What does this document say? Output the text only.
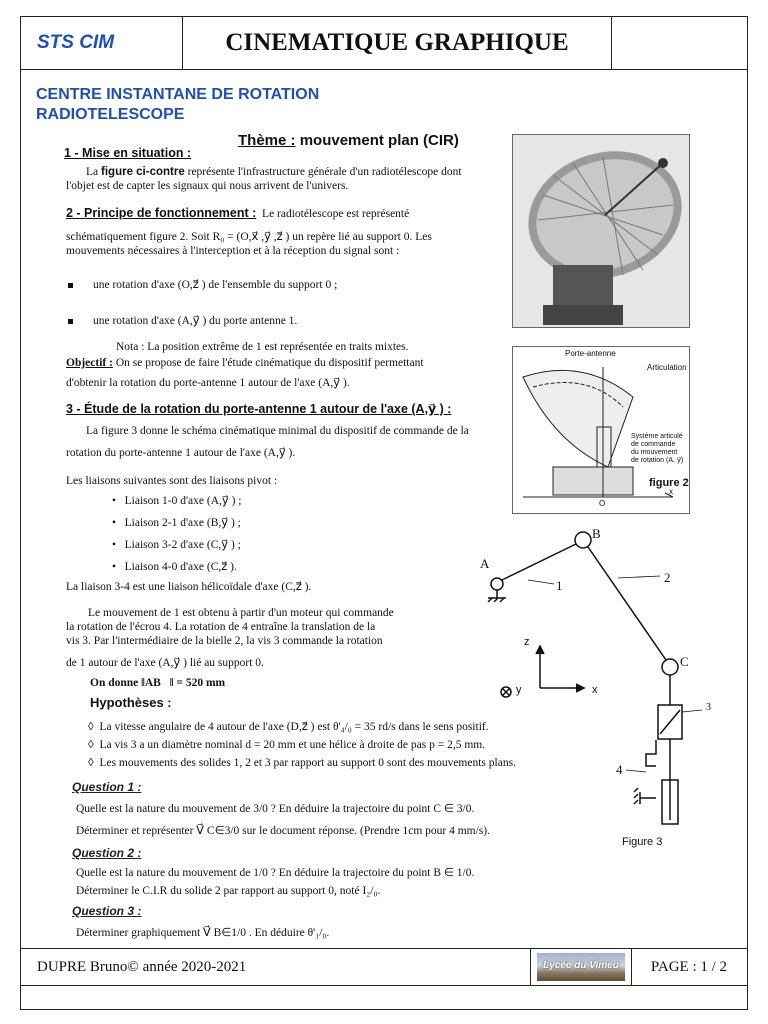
STS CIM	CINEMATIQUE GRAPHIQUE
CENTRE INSTANTANE DE ROTATION
RADIOTELESCOPE
Thème : mouvement plan (CIR)
1 - Mise en situation :
La figure ci-contre représente l'infrastructure générale d'un radiotélescope dont
l'objet est de capter les signaux qui nous arrivent de l'univers.
2 - Principe de fonctionnement : Le radiotélescope est représenté
schématiquement figure 2. Soit R₀ = (O,x⃗ ,y⃗ ,z⃗ ) un repère lié au support 0. Les
mouvements nécessaires à l'interception et à la réception du signal sont :
une rotation d'axe (O,z⃗ ) de l'ensemble du support 0 ;
une rotation d'axe (A,y⃗ ) du porte antenne 1.
Nota : La position extrême de 1 est représentée en traits mixtes.
Objectif : On se propose de faire l'étude cinématique du dispositif permettant
d'obtenir la rotation du porte-antenne 1 autour de l'axe (A,y⃗ ).
3 - Étude de la rotation du porte-antenne 1 autour de l'axe (A,y⃗ ) :
La figure 3 donne le schéma cinématique minimal du dispositif de commande de la
rotation du porte-antenne 1 autour de l'axe (A,y⃗ ).
Les liaisons suivantes sont des liaisons pivot :
•   Liaison 1-0 d'axe (A,y⃗ ) ;
•   Liaison 2-1 d'axe (B,y⃗ ) ;
•   Liaison 3-2 d'axe (C,y⃗ ) ;
•   Liaison 4-0 d'axe (C,z⃗ ).
La liaison 3-4 est une liaison hélicoïdale d'axe (C,z⃗ ).
Le mouvement de 1 est obtenu à partir d'un moteur qui commande
la rotation de l'écrou 4. La rotation de 4 entraîne la translation de la
vis 3. Par l'intermédiaire de la bielle 2, la vis 3 commande la rotation
de 1 autour de l'axe (A,y⃗ ) lié au support 0.
On donne ‖AB⃗‖ = 520 mm
Hypothèses :
◊  La vitesse angulaire de 4 autour de l'axe (D,z⃗ ) est θ'₄/₀ = 35 rd/s dans le sens positif.
◊  La vis 3 a un diamètre nominal d = 20 mm et une hélice à droite de pas p = 2,5 mm.
◊  Les mouvements des solides 1, 2 et 3 par rapport au support 0 sont des mouvements plans.
Question 1 :
Quelle est la nature du mouvement de 3/0 ? En déduire la trajectoire du point C ∈ 3/0.
Déterminer et représenter V⃗ C∈3/0 sur le document réponse. (Prendre 1cm pour 4 mm/s).
Question 2 :
Quelle est la nature du mouvement de 1/0 ? En déduire la trajectoire du point B ∈ 1/0.
Déterminer le C.I.R du solide 2 par rapport au support 0, noté I₂/₀.
Question 3 :
Déterminer graphiquement V⃗ B∈1/0 . En déduire θ'₁/₀.
Porte-antenne
Articulation
Système articulé
de commande
du mouvement
de rotation (A, y⃗)
figure 2
O
x
A
B
C
1
2
3
4
z
x
y
Figure 3
DUPRE Bruno© année 2020-2021	Lycée du Vimeu	PAGE : 1 / 2
